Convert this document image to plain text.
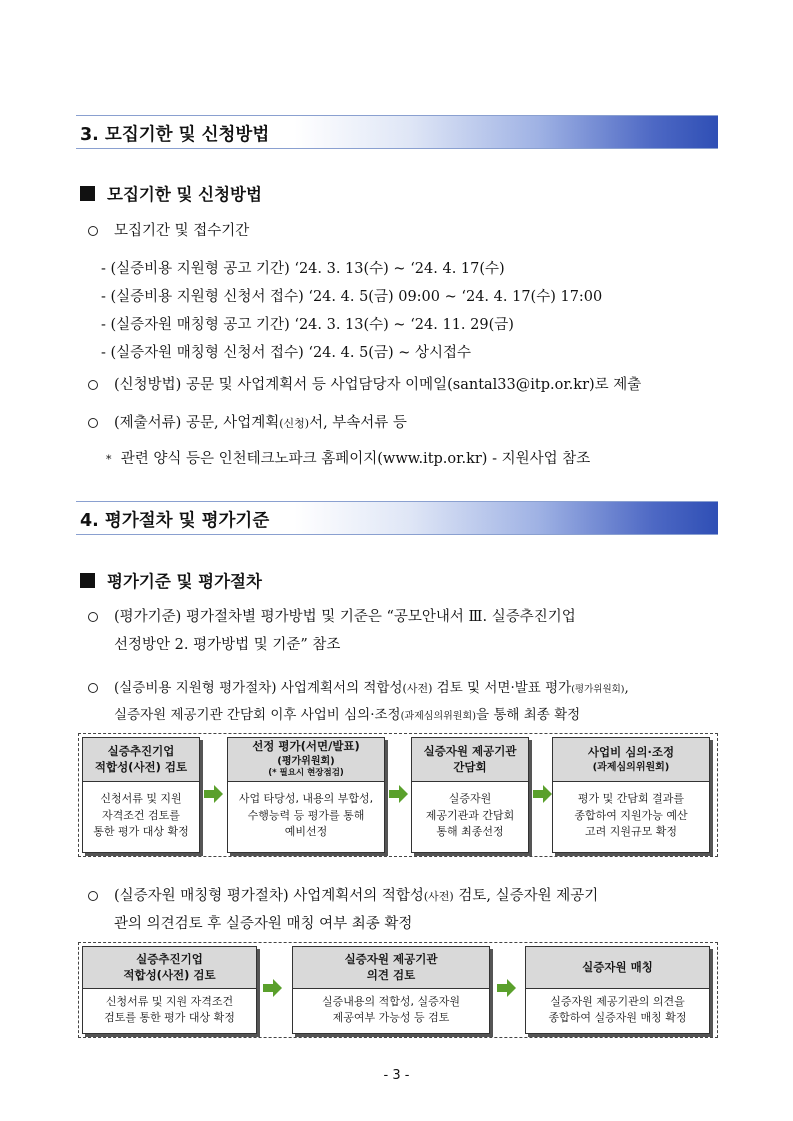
3. 모집기한 및 신청방법
모집기한 및 신청방법
모집기간 및 접수기간
- (실증비용 지원형 공고 기간) ‘24. 3. 13(수) ~ ‘24. 4. 17(수)
- (실증비용 지원형 신청서 접수) ‘24. 4. 5(금) 09:00 ~ ‘24. 4. 17(수) 17:00
- (실증자원 매칭형 공고 기간) ‘24. 3. 13(수) ~ ‘24. 11. 29(금)
- (실증자원 매칭형 신청서 접수) ‘24. 4. 5(금) ~ 상시접수
(신청방법) 공문 및 사업계획서 등 사업담당자 이메일(santal33@itp.or.kr)로 제출
(제출서류) 공문, 사업계획(신청)서, 부속서류 등
* 관련 양식 등은 인천테크노파크 홈페이지(www.itp.or.kr) - 지원사업 참조
4. 평가절차 및 평가기준
평가기준 및 평가절차
(평가기준) 평가절차별 평가방법 및 기준은 “공모안내서 Ⅲ. 실증추진기업
선정방안 2. 평가방법 및 기준” 참조
(실증비용 지원형 평가절차) 사업계획서의 적합성(사전) 검토 및 서면·발표 평가(평가위원회),
실증자원 제공기관 간담회 이후 사업비 심의·조정(과제심의위원회)을 통해 최종 확정
실증추진기업
적합성(사전) 검토
신청서류 및 지원
자격조건 검토를
통한 평가 대상 확정
선정 평가(서면/발표)
(평가위원회)
(* 필요시 현장점검)
사업 타당성, 내용의 부합성,
수행능력 등 평가를 통해
예비선정
실증자원 제공기관
간담회
실증자원
제공기관과 간담회
통해 최종선정
사업비 심의·조정
(과제심의위원회)
평가 및 간담회 결과를
종합하여 지원가능 예산
고려 지원규모 확정
(실증자원 매칭형 평가절차) 사업계획서의 적합성(사전) 검토, 실증자원 제공기
관의 의견검토 후 실증자원 매칭 여부 최종 확정
실증추진기업
적합성(사전) 검토
신청서류 및 지원 자격조건
검토를 통한 평가 대상 확정
실증자원 제공기관
의견 검토
실증내용의 적합성, 실증자원
제공여부 가능성 등 검토
실증자원 매칭
실증자원 제공기관의 의견을
종합하여 실증자원 매칭 확정
- 3 -
